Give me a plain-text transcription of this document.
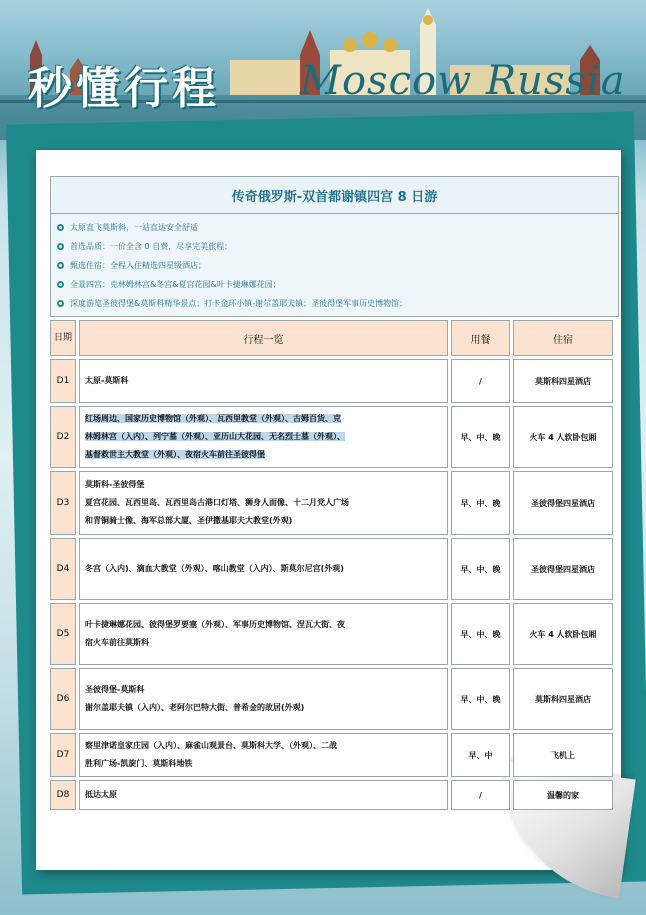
秒懂行程 Moscow Russia
传奇俄罗斯-双首都谢镇四宫 8 日游
太原直飞莫斯科，一站直达安全舒适
首选品质：一价全含 0 自费，尽享完美旅程；
甄选住宿：全程入住精选四星级酒店；
全景四宫：克林姆林宫&冬宫&夏宫花园&叶卡捷琳娜花园；
深度游览圣彼得堡&莫斯科精华景点；打卡金环小镇-谢尔盖耶夫镇；圣彼得堡军事历史博物馆；
日期	行程一览	用餐	住宿
D1	太原-莫斯科	/	莫斯科四星酒店
D2	红场周边、国家历史博物馆（外观）、瓦西里教堂（外观）、古姆百货、克
林姆林宫（入内）、列宁墓（外观）、亚历山大花园、无名烈士墓（外观）、
基督救世主大教堂（外观）、夜宿火车前往圣彼得堡	早、中、晚	火车 4 人软卧包厢
D3	莫斯科-圣彼得堡
夏宫花园、瓦西里岛、瓦西里岛古港口灯塔、狮身人面像、十二月党人广场
和青铜骑士像、海军总部大厦、圣伊撒基耶夫大教堂(外观)	早、中、晚	圣彼得堡四星酒店
D4	冬宫（入内)、滴血大教堂（外观）、喀山教堂（入内）、斯莫尔尼宫(外观)	早、中、晚	圣彼得堡四星酒店
D5	叶卡捷琳娜花园、彼得堡罗要塞（外观）、军事历史博物馆、涅瓦大街、夜
宿火车前往莫斯科	早、中、晚	火车 4 人软卧包厢
D6	圣彼得堡-莫斯科
谢尔盖耶夫镇（入内）、老阿尔巴特大街、普希金的故居(外观)	早、中、晚	莫斯科四星酒店
D7	察里津诺皇家庄园（入内）、麻雀山观景台、莫斯科大学、（外观）、二战
胜利广场-凯旋门、莫斯科地铁	早、中	飞机上
D8	抵达太原	/	温馨的家
